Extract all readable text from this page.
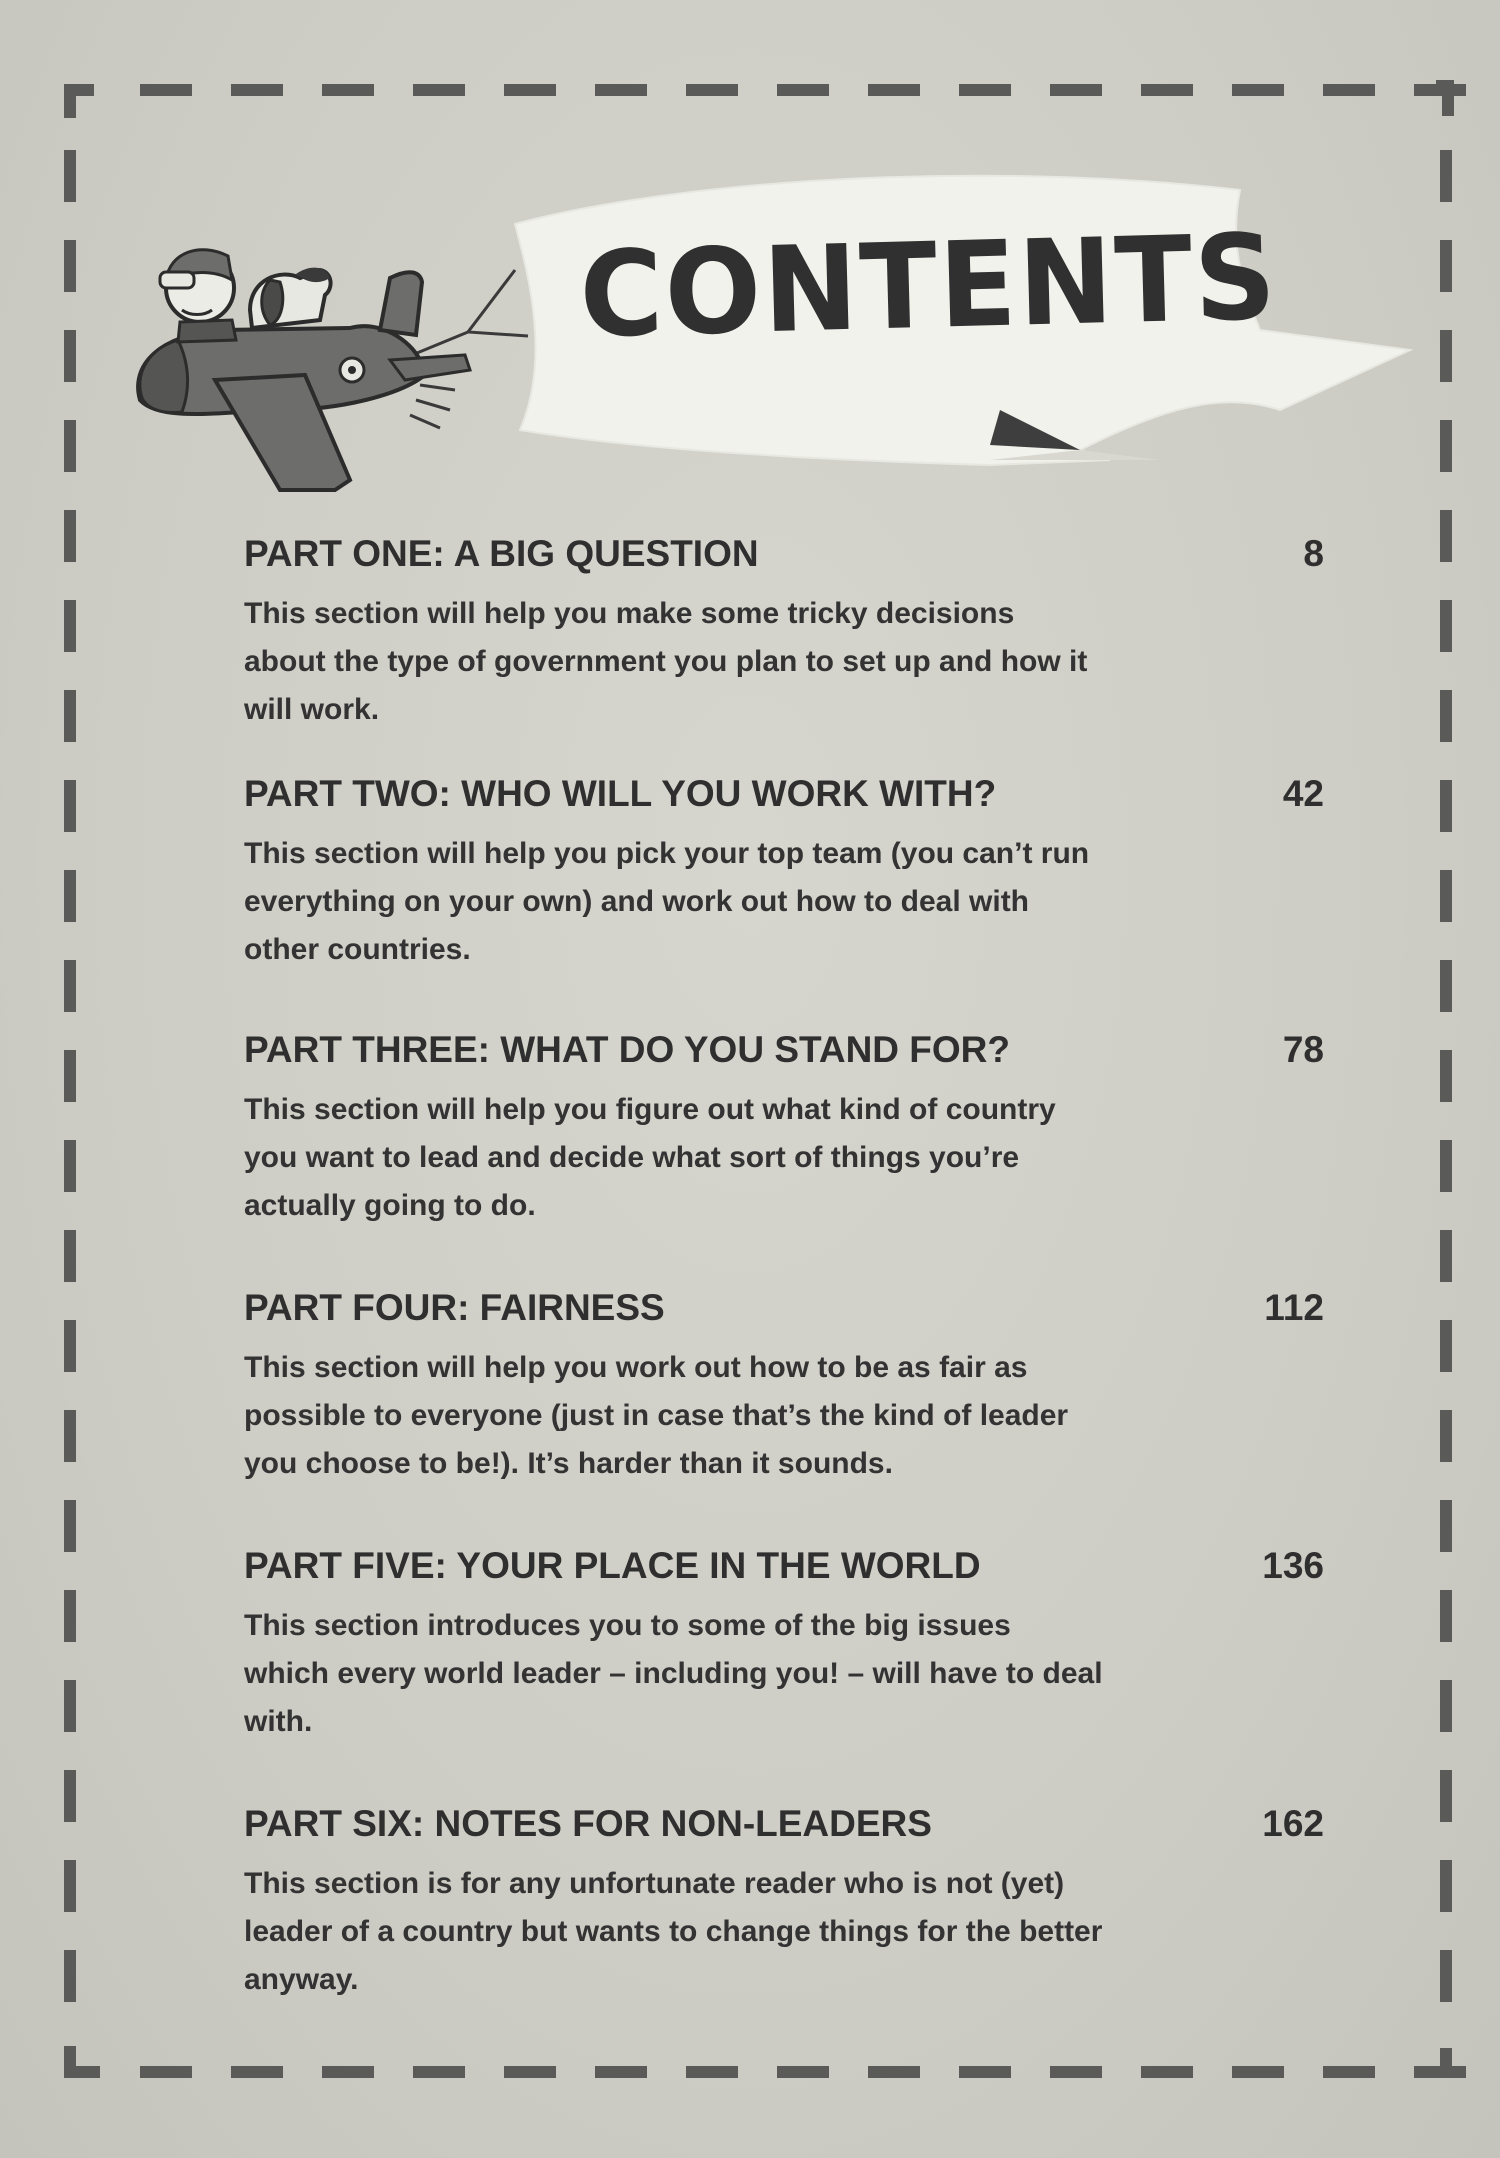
CONTENTS
PART ONE: A BIG QUESTION	8
This section will help you make some tricky decisions about the type of government you plan to set up and how it will work.
PART TWO: WHO WILL YOU WORK WITH?	42
This section will help you pick your top team (you can’t run everything on your own) and work out how to deal with other countries.
PART THREE: WHAT DO YOU STAND FOR?	78
This section will help you figure out what kind of country you want to lead and decide what sort of things you’re actually going to do.
PART FOUR: FAIRNESS	112
This section will help you work out how to be as fair as possible to everyone (just in case that’s the kind of leader you choose to be!). It’s harder than it sounds.
PART FIVE: YOUR PLACE IN THE WORLD	136
This section introduces you to some of the big issues which every world leader – including you! – will have to deal with.
PART SIX: NOTES FOR NON-LEADERS	162
This section is for any unfortunate reader who is not (yet) leader of a country but wants to change things for the better anyway.
